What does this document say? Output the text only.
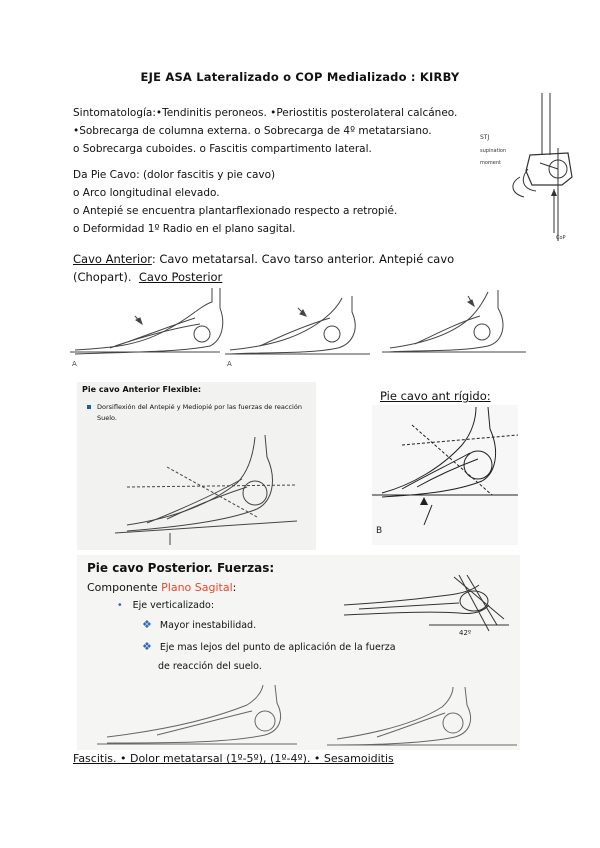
EJE ASA Lateralizado o COP Medializado : KIRBY
Sintomatología:•Tendinitis peroneos. •Periostitis posterolateral calcáneo.
•Sobrecarga de columna externa. o Sobrecarga de 4º metatarsiano.
o Sobrecarga cuboides. o Fascitis compartimento lateral.
Da Pie Cavo: (dolor fascitis y pie cavo)
o Arco longitudinal elevado.
o Antepié se encuentra plantarflexionado respecto a retropié.
o Deformidad 1º Radio en el plano sagital.
STJ
supination
moment
CoP
Cavo Anterior: Cavo metatarsal. Cavo tarso anterior. Antepié cavo
(Chopart). Cavo Posterior
A	A
Pie cavo Anterior Flexible:
Dorsiflexión del Antepié y Mediopié por las fuerzas de reacción
Suelo.
Pie cavo ant rígido:
B
Pie cavo Posterior. Fuerzas:
Componente Plano Sagital:
• Eje verticalizado:
❖ Mayor inestabilidad.
❖ Eje mas lejos del punto de aplicación de la fuerza
de reacción del suelo.
42º
Fascitis. • Dolor metatarsal (1º-5º), (1º-4º). • Sesamoiditis
